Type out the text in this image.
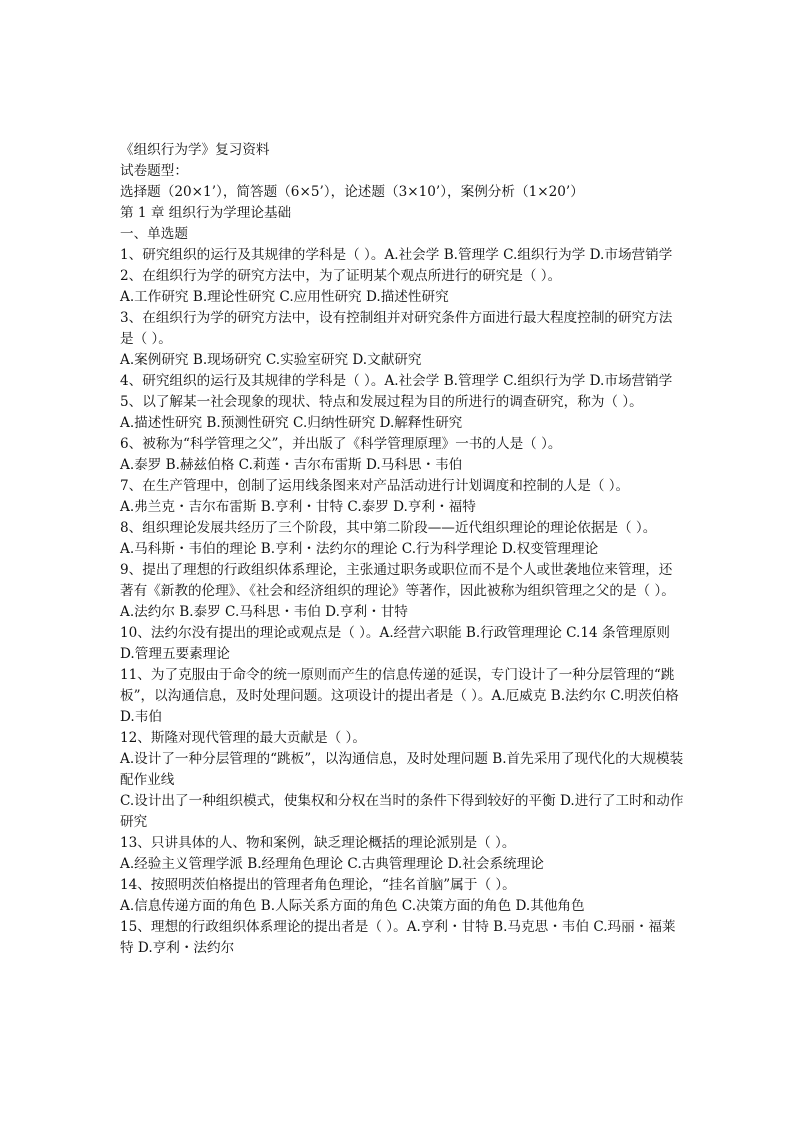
《组织行为学》复习资料

试卷题型：

选择题（20×1’），简答题（6×5’），论述题（3×10’），案例分析（1×20’）

第 1 章 组织行为学理论基础

一、单选题

1、研究组织的运行及其规律的学科是（ ）。A.社会学 B.管理学 C.组织行为学 D.市场营销学

2、在组织行为学的研究方法中，为了证明某个观点所进行的研究是（ ）。

A.工作研究 B.理论性研究 C.应用性研究 D.描述性研究

3、在组织行为学的研究方法中，设有控制组并对研究条件方面进行最大程度控制的研究方法是（ ）。

A.案例研究 B.现场研究 C.实验室研究 D.文献研究

4、研究组织的运行及其规律的学科是（ ）。A.社会学 B.管理学 C.组织行为学 D.市场营销学

5、以了解某一社会现象的现状、特点和发展过程为目的所进行的调查研究，称为（ ）。

A.描述性研究 B.预测性研究 C.归纳性研究 D.解释性研究

6、被称为“科学管理之父”，并出版了《科学管理原理》一书的人是（ ）。

A.泰罗 B.赫兹伯格 C.莉莲・吉尔布雷斯 D.马科思・韦伯

7、在生产管理中，创制了运用线条图来对产品活动进行计划调度和控制的人是（ ）。

A.弗兰克・吉尔布雷斯 B.亨利・甘特 C.泰罗 D.亨利・福特

8、组织理论发展共经历了三个阶段，其中第二阶段——近代组织理论的理论依据是（ ）。

A.马科斯・韦伯的理论 B.亨利・法约尔的理论 C.行为科学理论 D.权变管理理论

9、提出了理想的行政组织体系理论，主张通过职务或职位而不是个人或世袭地位来管理，还著有《新教的伦理》、《社会和经济组织的理论》等著作，因此被称为组织管理之父的是（ ）。

A.法约尔 B.泰罗 C.马科思・韦伯 D.亨利・甘特

10、法约尔没有提出的理论或观点是（ ）。A.经营六职能 B.行政管理理论 C.14 条管理原则 D.管理五要素理论

11、为了克服由于命令的统一原则而产生的信息传递的延误，专门设计了一种分层管理的“跳板”，以沟通信息，及时处理问题。这项设计的提出者是（ ）。A.厄威克 B.法约尔 C.明茨伯格 D.韦伯

12、斯隆对现代管理的最大贡献是（ ）。

A.设计了一种分层管理的“跳板”，以沟通信息，及时处理问题 B.首先采用了现代化的大规模装配作业线

C.设计出了一种组织模式，使集权和分权在当时的条件下得到较好的平衡 D.进行了工时和动作研究

13、只讲具体的人、物和案例，缺乏理论概括的理论派别是（ ）。

A.经验主义管理学派 B.经理角色理论 C.古典管理理论 D.社会系统理论

14、按照明茨伯格提出的管理者角色理论，“挂名首脑”属于（ ）。

A.信息传递方面的角色 B.人际关系方面的角色 C.决策方面的角色 D.其他角色

15、理想的行政组织体系理论的提出者是（ ）。A.亨利・甘特 B.马克思・韦伯 C.玛丽・福莱特 D.亨利・法约尔
